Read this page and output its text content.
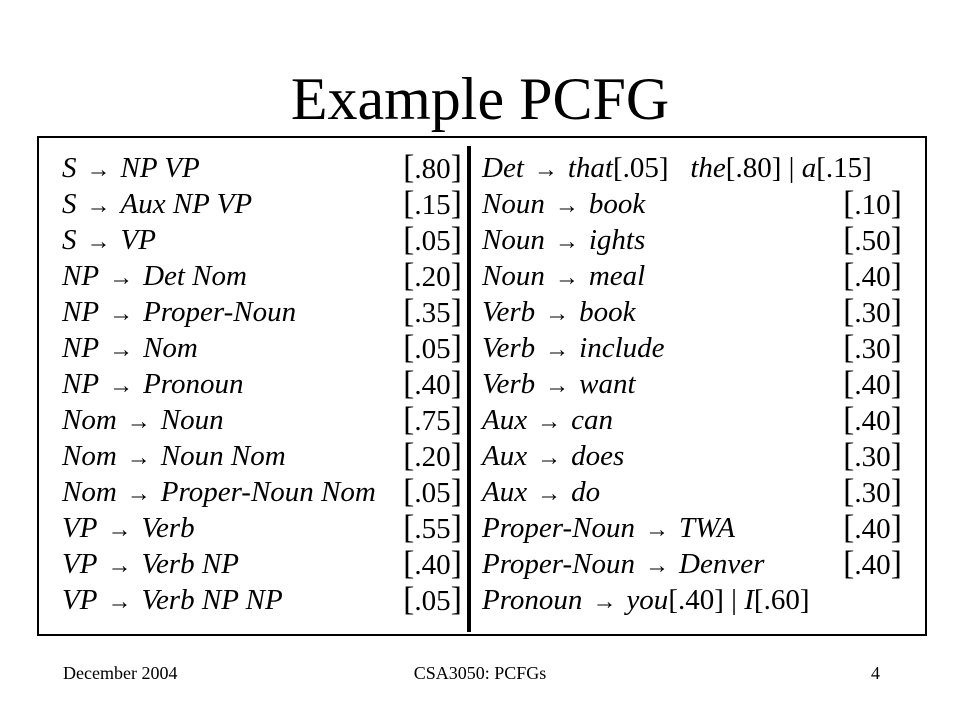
Example PCFG
S → NP VP	[.80]
S → Aux NP VP	[.15]
S → VP	[.05]
NP → Det Nom	[.20]
NP → Proper-Noun	[.35]
NP → Nom	[.05]
NP → Pronoun	[.40]
Nom → Noun	[.75]
Nom → Noun Nom	[.20]
Nom → Proper-Noun Nom [.05]
VP → Verb	[.55]
VP → Verb NP	[.40]
VP → Verb NP NP	[.05]
Det → that[.05] the[.80] | a[.15]
Noun → book	[.10]
Noun → ights	[.50]
Noun → meal	[.40]
Verb → book	[.30]
Verb → include	[.30]
Verb → want	[.40]
Aux → can	[.40]
Aux → does	[.30]
Aux → do	[.30]
Proper-Noun → TWA	[.40]
Proper-Noun → Denver [.40]
Pronoun → you[.40] | I[.60]
December 2004	CSA3050: PCFGs	4
